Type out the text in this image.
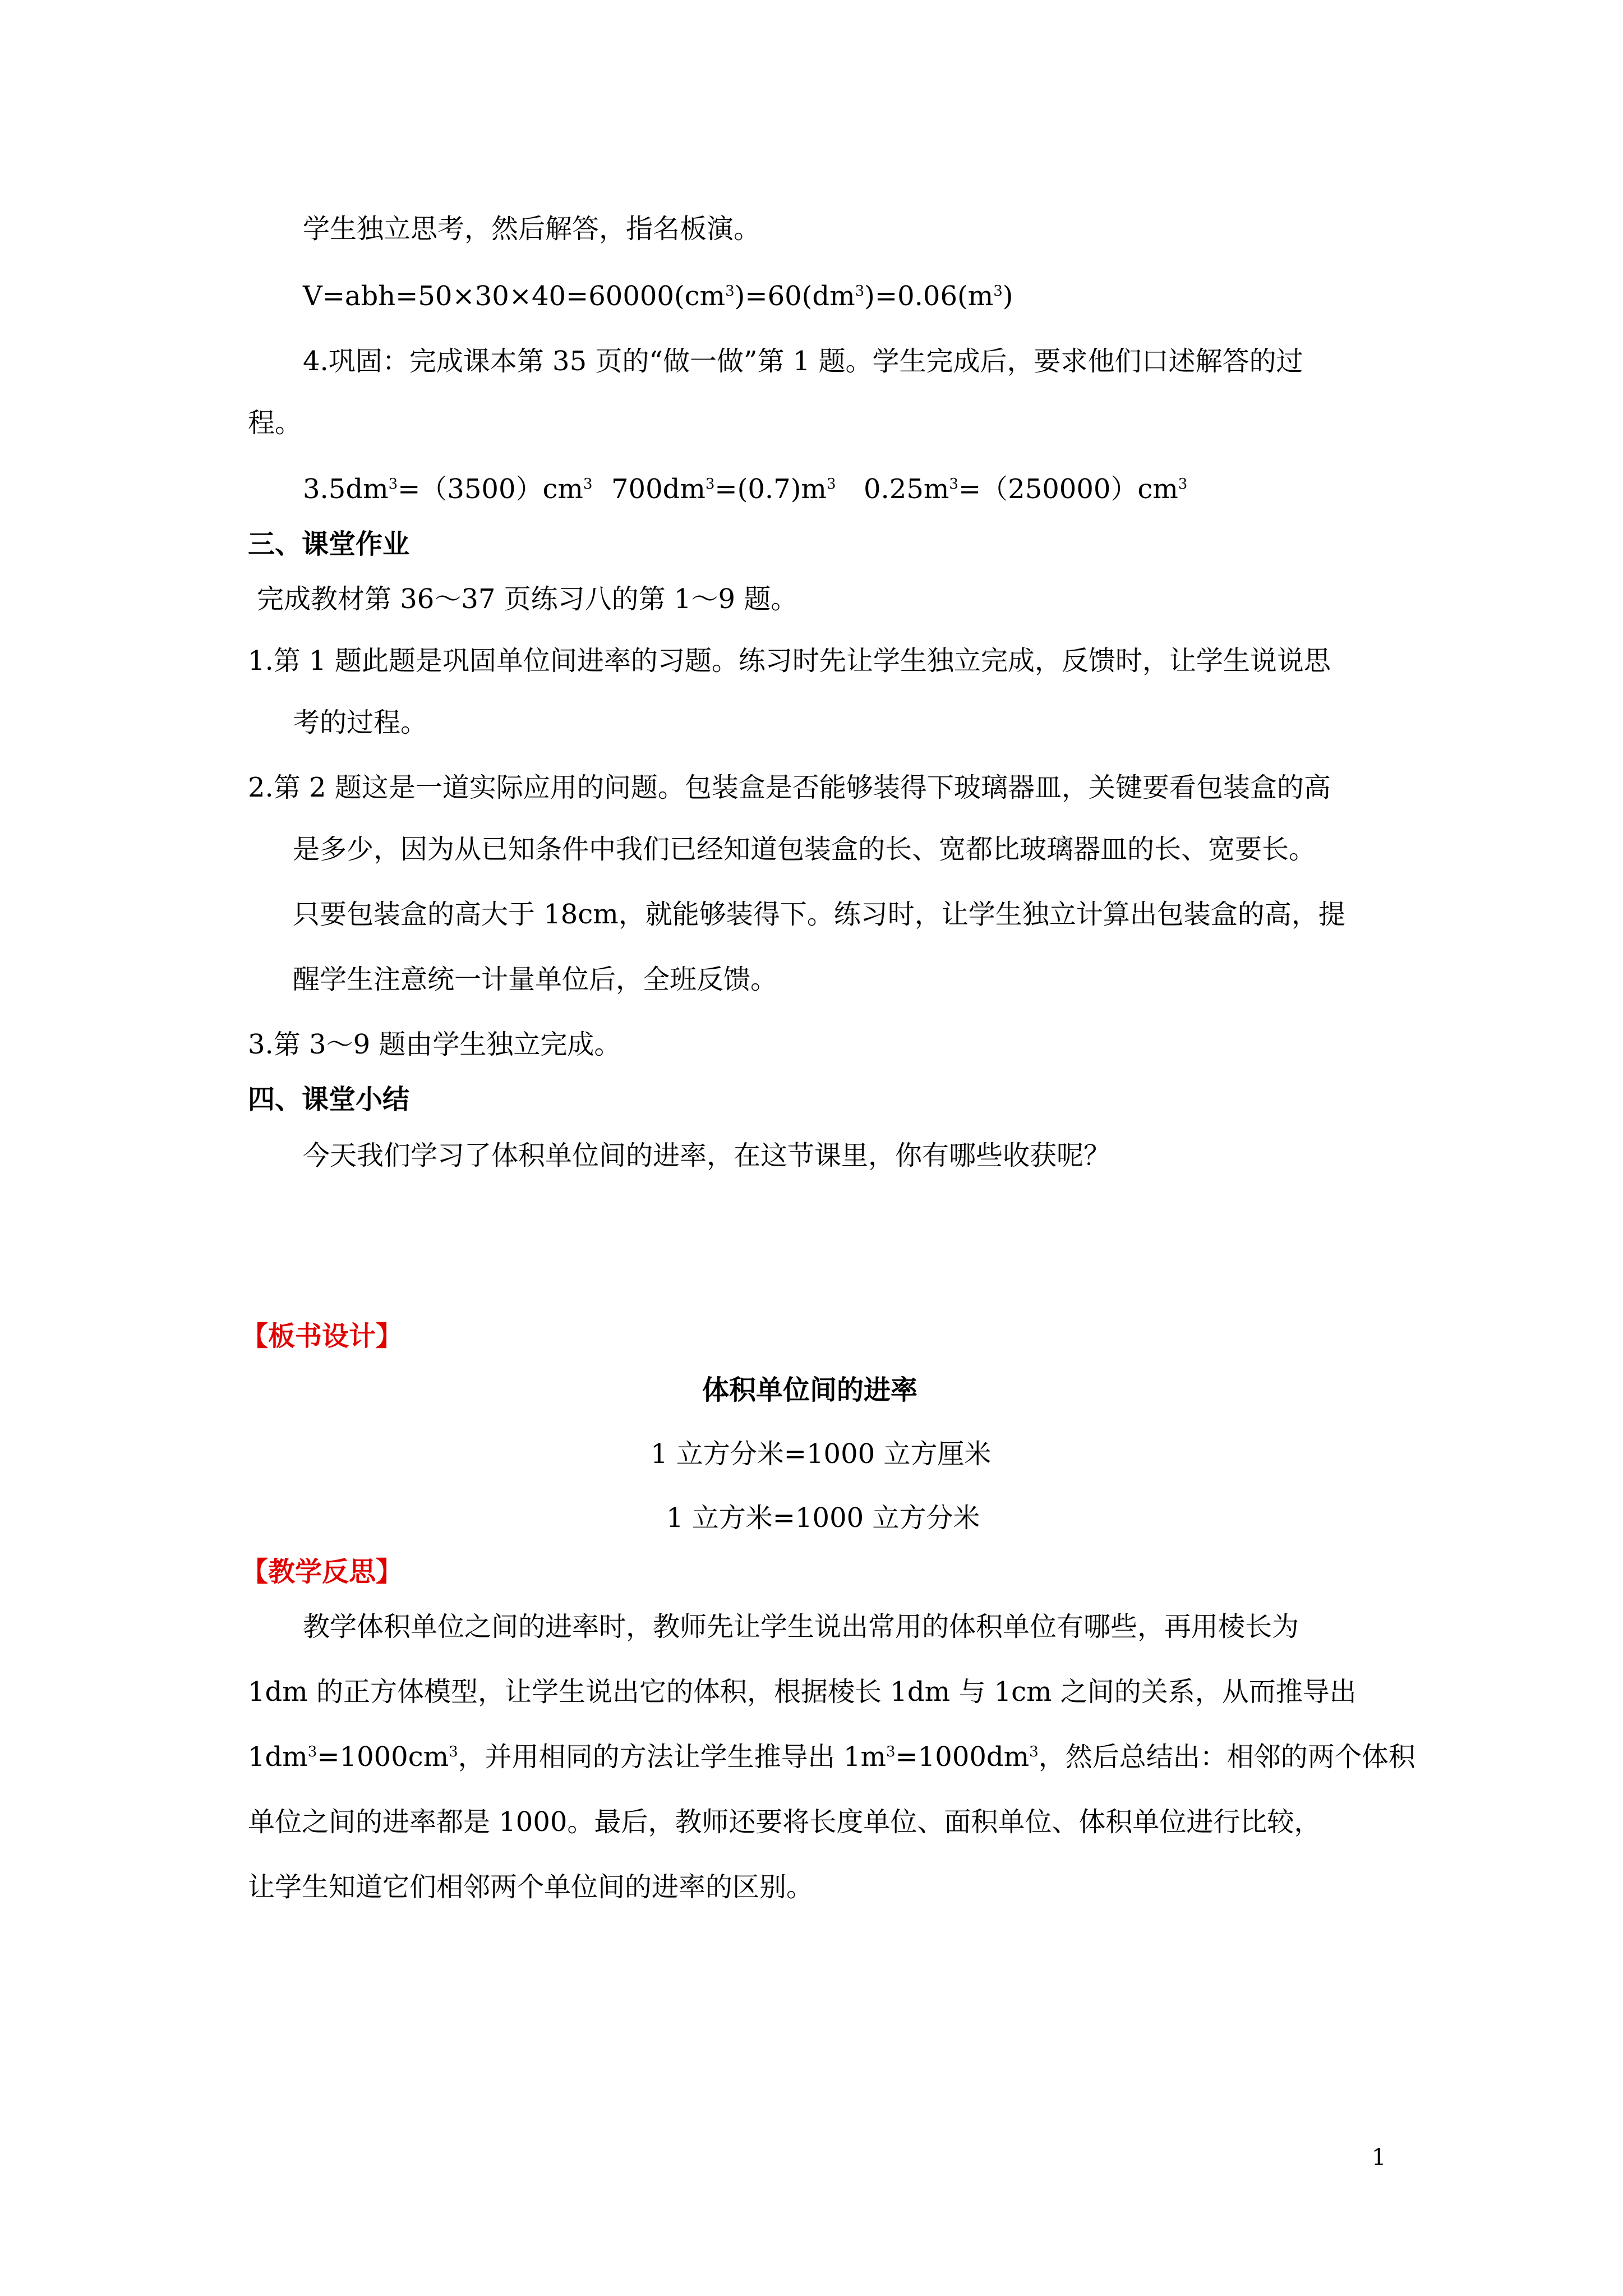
学生独立思考，然后解答，指名板演。
$V=abh=50\times 30\times 40=60000(cm^3)=60(dm^3)=0.06(m^3)$
4.巩固：完成课本第 35 页的“做一做”第 1 题。学生完成后，要求他们口述解答的过
程。
$3.5dm^3=(3500)cm^3$ $700dm^3=(0.7)m^3$ $0.25m^3=(250000)cm^3$
三、课堂作业
完成教材第 36～37 页练习八的第 1～9 题。
1.第 1 题此题是巩固单位间进率的习题。练习时先让学生独立完成，反馈时，让学生说说思
考的过程。
2.第 2 题这是一道实际应用的问题。包装盒是否能够装得下玻璃器皿，关键要看包装盒的高
是多少，因为从已知条件中我们已经知道包装盒的长、宽都比玻璃器皿的长、宽要长。
只要包装盒的高大于 18cm，就能够装得下。练习时，让学生独立计算出包装盒的高，提
醒学生注意统一计量单位后，全班反馈。
3.第 3～9 题由学生独立完成。
四、课堂小结
今天我们学习了体积单位间的进率，在这节课里，你有哪些收获呢？
【板书设计】
体积单位间的进率
1 立方分米=1000 立方厘米
1 立方米=1000 立方分米
【教学反思】
教学体积单位之间的进率时，教师先让学生说出常用的体积单位有哪些，再用棱长为
1dm 的正方体模型，让学生说出它的体积，根据棱长 1dm 与 1cm 之间的关系，从而推导出
$1dm^3=1000cm^3$，并用相同的方法让学生推导出 $1m^3=1000dm^3$，然后总结出：相邻的两个体积
单位之间的进率都是 1000。最后，教师还要将长度单位、面积单位、体积单位进行比较，
让学生知道它们相邻两个单位间的进率的区别。
1
